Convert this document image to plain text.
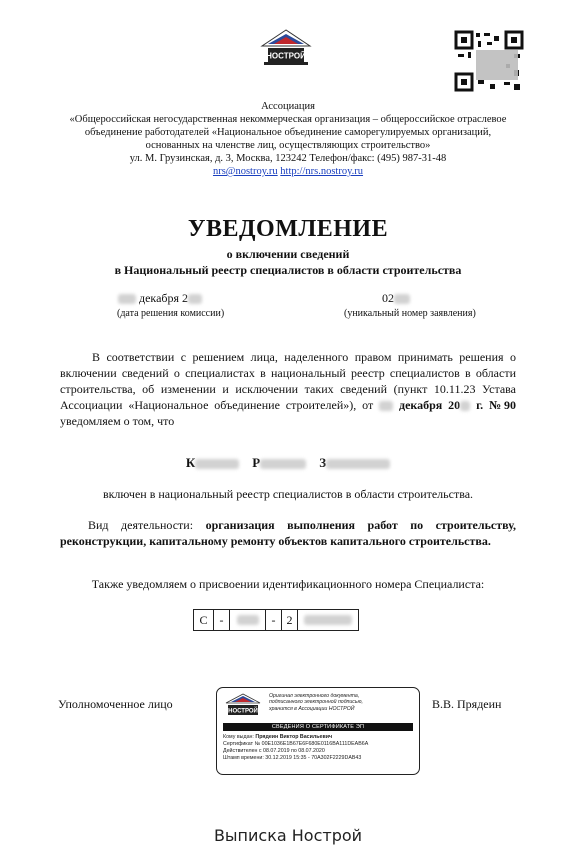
НОСТРОЙ
Ассоциация
«Общероссийская негосударственная некоммерческая организация – общероссийское отраслевое
объединение работодателей «Национальное объединение саморегулируемых организаций,
основанных на членстве лиц, осуществляющих строительство»
ул. М. Грузинская, д. 3, Москва, 123242 Телефон/факс: (495) 987-31-48
nrs@nostroy.ru http://nrs.nostroy.ru
УВЕДОМЛЕНИЕ
о включении сведений
в Национальный реестр специалистов в области строительства
декабря 2
(дата решения комиссии)
02
(уникальный номер заявления)

В соответствии с решением лица, наделенного правом принимать решения о включении сведений о специалистах в национальный реестр специалистов в области строительства, об изменении и исключении таких сведений (пункт 10.11.23 Устава Ассоциации «Национальное объединение строителей»), от декабря 20 г. №90 уведомляем о том, что

К	Р	З
включен в национальный реестр специалистов в области строительства.
Вид деятельности: организация выполнения работ по строительству, реконструкции, капитальному ремонту объектов капитального строительства.
Также уведомляем о присвоении идентификационного номера Специалиста:
С	-	- 2
Уполномоченное лицо	В.В. Прядеин
НОСТРОЙ
Оригинал электронного документа,
подписанного электронной подписью,
хранится в Ассоциации НОСТРОЙ
СВЕДЕНИЯ О СЕРТИФИКАТЕ ЭП
Кому выдан: Прядеин Виктор Васильевич
Сертификат № 00E1036E1B67E6F680E0116BA111DEAB6A
Действителен с 08.07.2019 по 08.07.2020
Штамп времени: 30.12.2019 15:35 - 70A302F2229DAB43
Выписка Нострой
